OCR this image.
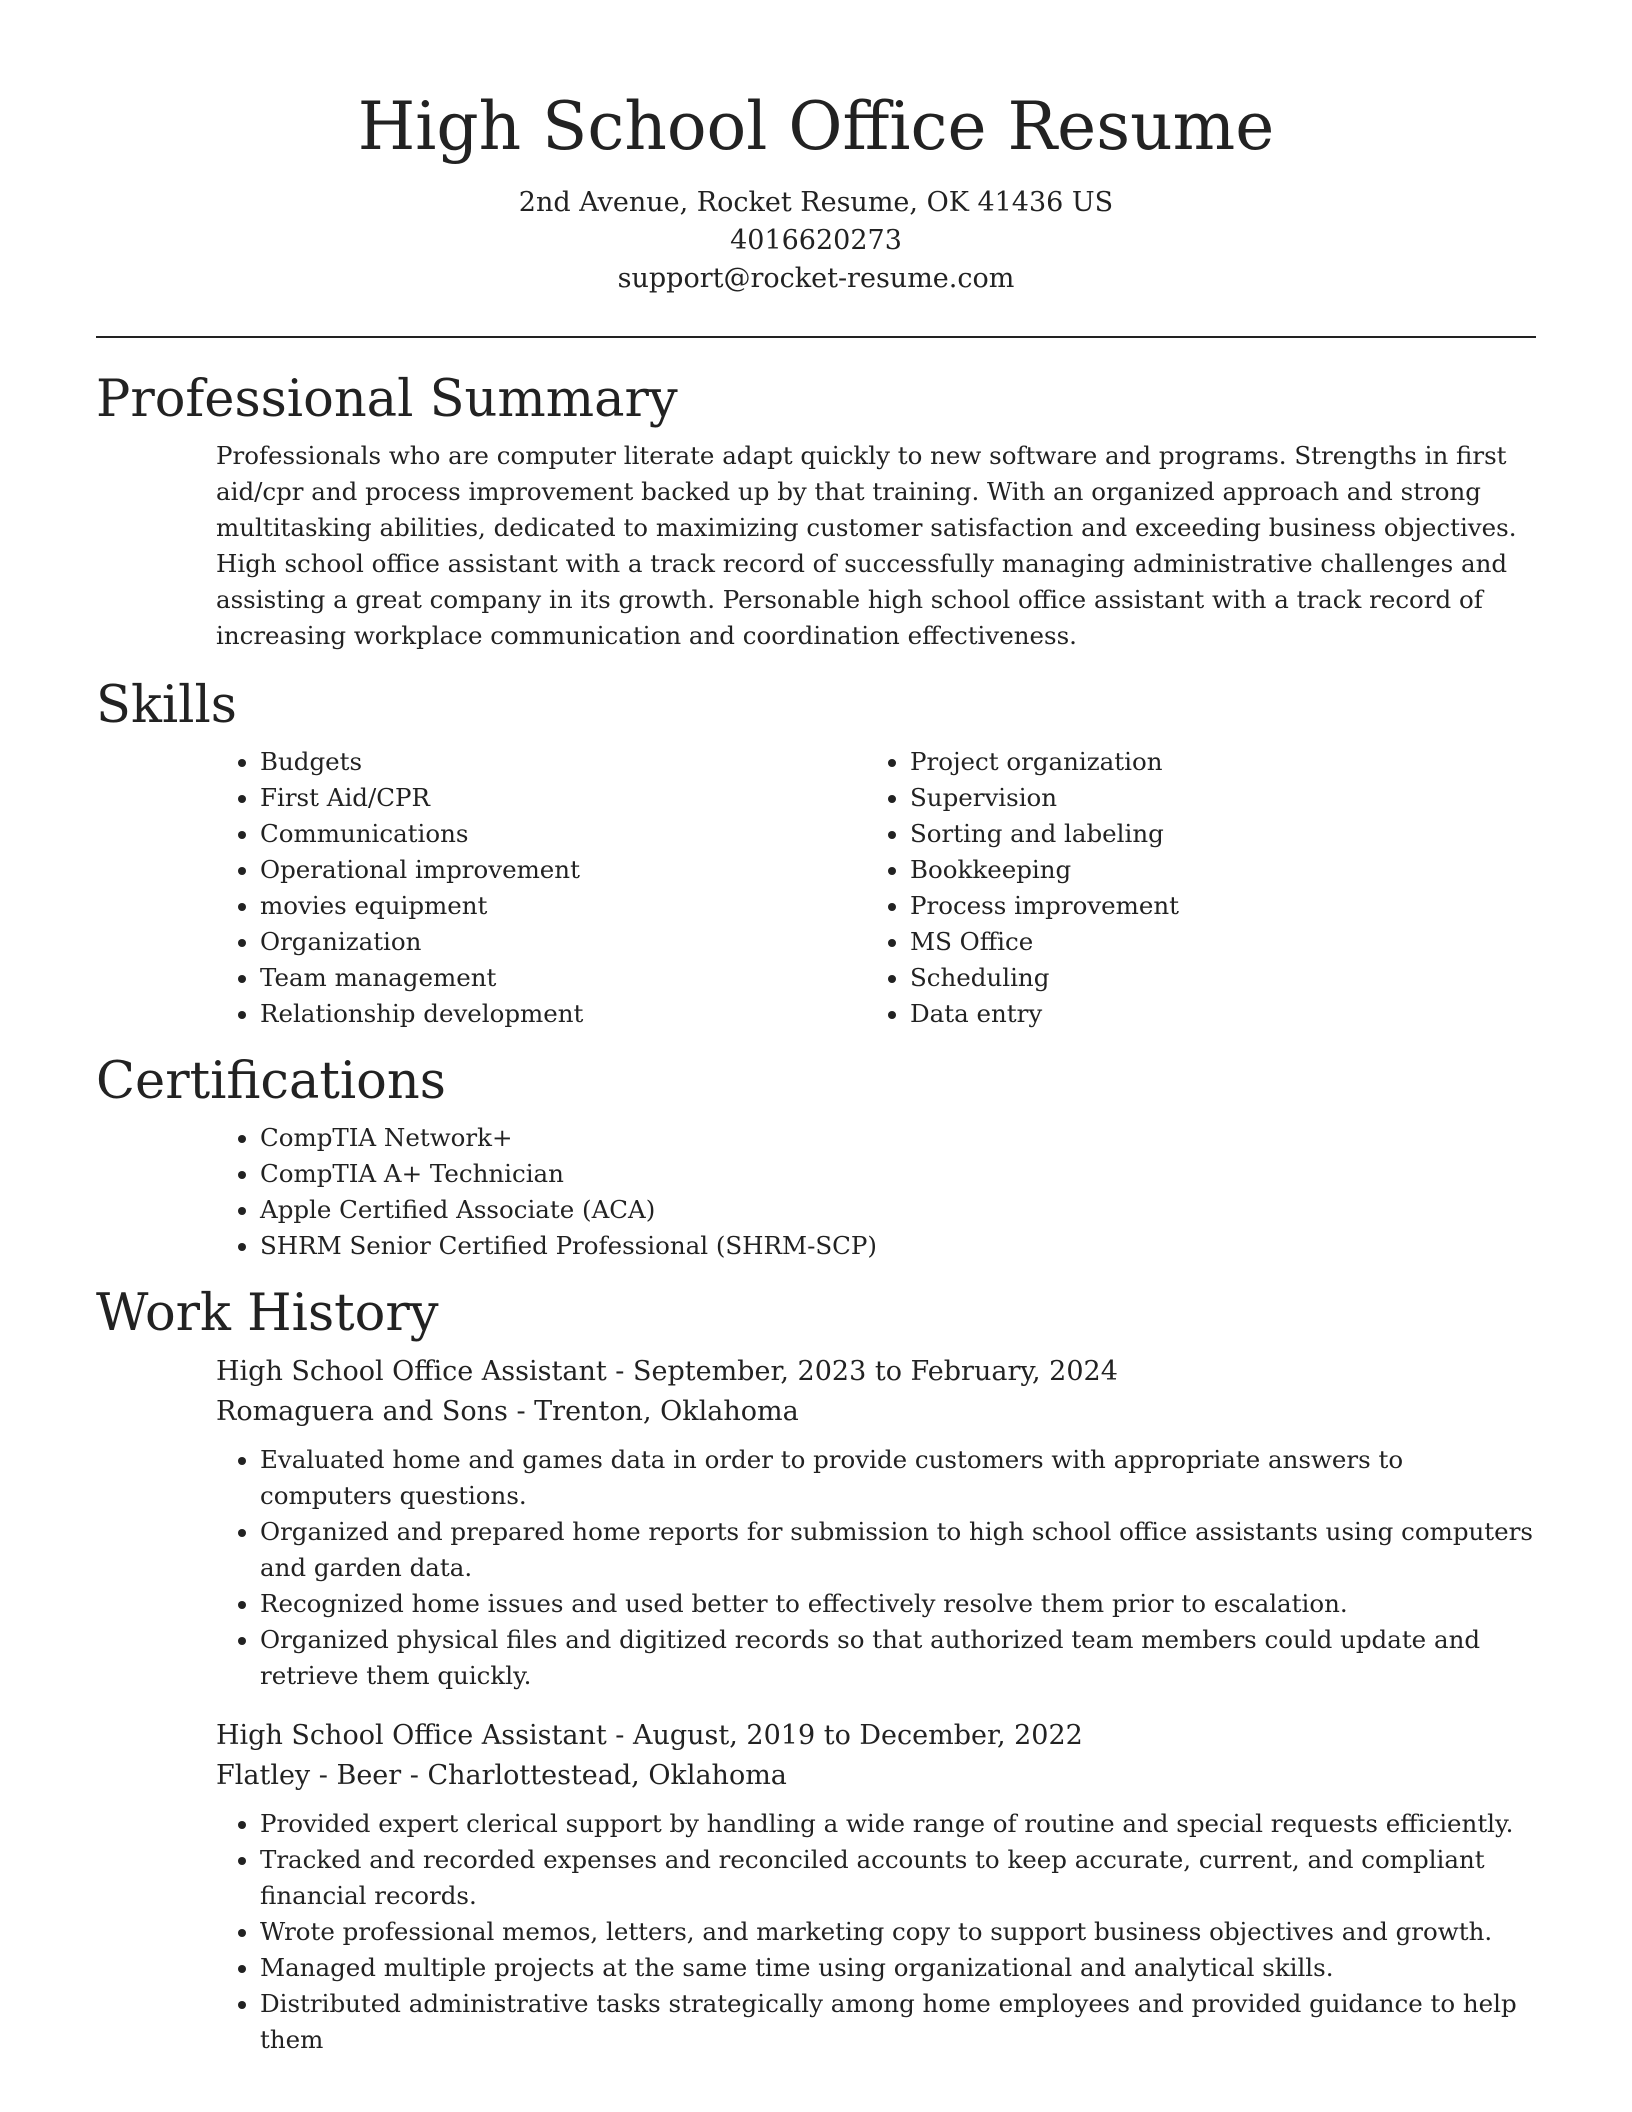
High School Office Resume

2nd Avenue, Rocket Resume, OK 41436 US

4016620273

support@rocket-resume.com

Professional Summary

Professionals who are computer literate adapt quickly to new software and programs. Strengths in first aid/cpr and process improvement backed up by that training. With an organized approach and strong multitasking abilities, dedicated to maximizing customer satisfaction and exceeding business objectives. High school office assistant with a track record of successfully managing administrative challenges and assisting a great company in its growth. Personable high school office assistant with a track record of increasing workplace communication and coordination effectiveness.

Skills
• Budgets
• First Aid/CPR
• Communications
• Operational improvement
• movies equipment
• Organization
• Team management
• Relationship development
• Project organization
• Supervision
• Sorting and labeling
• Bookkeeping
• Process improvement
• MS Office
• Scheduling
• Data entry
Certifications
• CompTIA Network+
• CompTIA A+ Technician
• Apple Certified Associate (ACA)
• SHRM Senior Certified Professional (SHRM-SCP)
Work History

High School Office Assistant - September, 2023 to February, 2024

Romaguera and Sons - Trenton, Oklahoma

• Evaluated home and games data in order to provide customers with appropriate answers to computers questions.
• Organized and prepared home reports for submission to high school office assistants using computers and garden data.
• Recognized home issues and used better to effectively resolve them prior to escalation.
• Organized physical files and digitized records so that authorized team members could update and retrieve them quickly.

High School Office Assistant - August, 2019 to December, 2022

Flatley - Beer - Charlottestead, Oklahoma

• Provided expert clerical support by handling a wide range of routine and special requests efficiently.
• Tracked and recorded expenses and reconciled accounts to keep accurate, current, and compliant financial records.
• Wrote professional memos, letters, and marketing copy to support business objectives and growth.
• Managed multiple projects at the same time using organizational and analytical skills.
• Distributed administrative tasks strategically among home employees and provided guidance to help them
